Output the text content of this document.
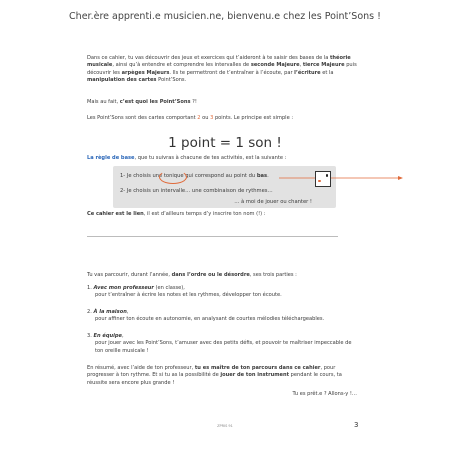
Cher.ère apprenti.e musicien.ne, bienvenu.e chez les Point’Sons !

Dans ce cahier, tu vas découvrir des jeux et exercices qui t’aideront à te saisir des bases de la théorie musicale, ainsi qu’à entendre et comprendre les intervalles de seconde Majeure, tierce Majeure puis découvrir les arpèges Majeurs. Ils te permettront de t’entraîner à l’écoute, par l’écriture et la manipulation des cartes Point’Sons.

Mais au fait, c’est quoi les Point’Sons ?!

Les Point’Sons sont des cartes comportant 2 ou 3 points. Le principe est simple :

1 point = 1 son !

La règle de base, que tu suivras à chacune de tes activités, est la suivante :

1- Je choisis une
tonique qui correspond au point du bas.
2- Je choisis un intervalle… une combinaison de rythmes…
… à moi de jouer ou chanter !

Ce cahier est le lien, il est d’ailleurs temps d’y inscrire ton nom (!) :

Tu vas parcourir, durant l’année, dans l’ordre ou le désordre, ses trois parties :

1. Avec mon professeur (en classe),
pour t’entraîner à écrire les notes et les rythmes, développer ton écoute.
2. À la maison,
pour affiner ton écoute en autonomie, en analysant de courtes mélodies téléchargeables.
3. En équipe,
pour jouer avec les Point’Sons, t’amuser avec des petits défis, et pouvoir te maîtriser impeccable de ton oreille musicale !

En résumé, avec l’aide de ton professeur, tu es maître de ton parcours dans ce cahier, pour progresser à ton rythme. Et si tu as la possibilité de jouer de ton instrument pendant le cours, ta réussite sera encore plus grande !

Tu es prêt.e ? Allons-y !…
ZPRIS 91	3
